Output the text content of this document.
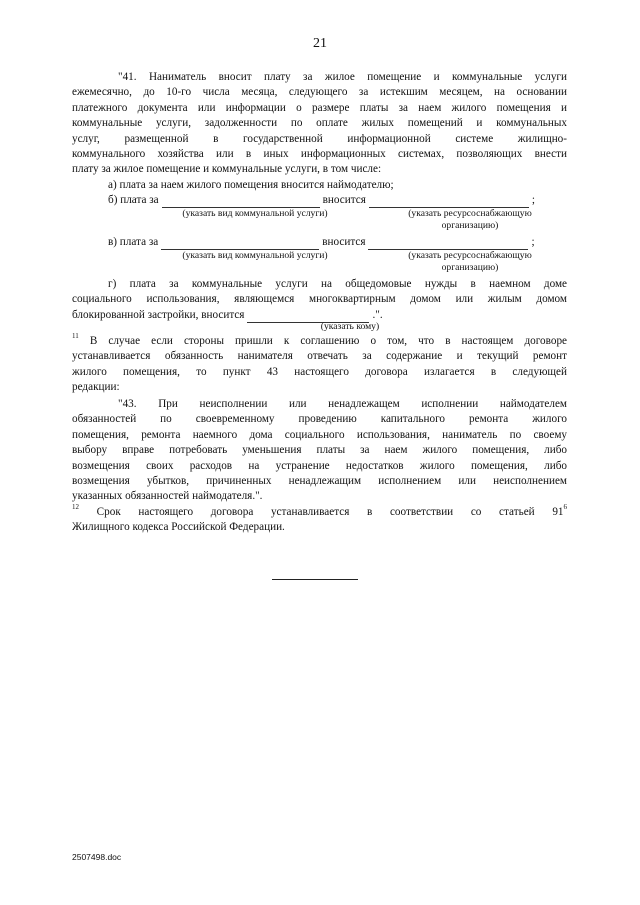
21
"41. Наниматель вносит плату за жилое помещение и коммунальные услуги
ежемесячно, до 10-го числа месяца, следующего за истекшим месяцем, на основании
платежного документа или информации о размере платы за наем жилого помещения и
коммунальные услуги, задолженности по оплате жилых помещений и коммунальных
услуг, размещенной в государственной информационной системе жилищно-
коммунального хозяйства или в иных информационных системах, позволяющих внести
плату за жилое помещение и коммунальные услуги, в том числе:
а) плата за наем жилого помещения вносится наймодателю;
б) плата за	вносится	;
(указать вид коммунальной услуги)	(указать ресурсоснабжающую
организацию)
в) плата за	вносится	;
(указать вид коммунальной услуги)	(указать ресурсоснабжающую
организацию)
г) плата за коммунальные услуги на общедомовые нужды в наемном доме
социального использования, являющемся многоквартирным домом или жилым домом
блокированной застройки, вносится	.".
(указать кому)
$^{11}$ В случае если стороны пришли к соглашению о том, что в настоящем договоре
устанавливается обязанность нанимателя отвечать за содержание и текущий ремонт
жилого помещения, то пункт 43 настоящего договора излагается в следующей
редакции:
"43. При неисполнении или ненадлежащем исполнении наймодателем
обязанностей по своевременному проведению капитального ремонта жилого
помещения, ремонта наемного дома социального использования, наниматель по своему
выбору вправе потребовать уменьшения платы за наем жилого помещения, либо
возмещения своих расходов на устранение недостатков жилого помещения, либо
возмещения убытков, причиненных ненадлежащим исполнением или неисполнением
указанных обязанностей наймодателя.".
$^{12}$ Срок настоящего договора устанавливается в соответствии со статьей $91^6$
Жилищного кодекса Российской Федерации.
2507498.doc
